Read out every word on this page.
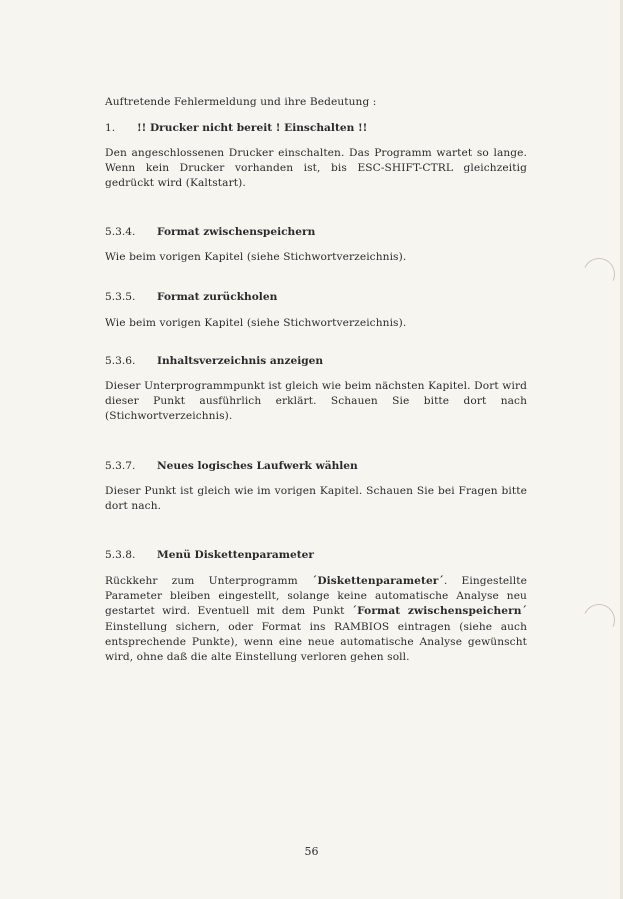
Auftretende Fehlermeldung und ihre Bedeutung :
1. !! Drucker nicht bereit ! Einschalten !!
Den angeschlossenen Drucker einschalten. Das Programm wartet so lange. Wenn kein Drucker vorhanden ist, bis ESC-SHIFT-CTRL gleichzeitig gedrückt wird (Kaltstart).
5.3.4. Format zwischenspeichern
Wie beim vorigen Kapitel (siehe Stichwortverzeichnis).
5.3.5. Format zurückholen
Wie beim vorigen Kapitel (siehe Stichwortverzeichnis).
5.3.6. Inhaltsverzeichnis anzeigen
Dieser Unterprogrammpunkt ist gleich wie beim nächsten Kapitel. Dort wird dieser Punkt ausführlich erklärt. Schauen Sie bitte dort nach (Stichwortverzeichnis).
5.3.7. Neues logisches Laufwerk wählen
Dieser Punkt ist gleich wie im vorigen Kapitel. Schauen Sie bei Fragen bitte dort nach.
5.3.8. Menü Diskettenparameter
Rückkehr zum Unterprogramm ´Diskettenparameter´. Eingestellte Parameter bleiben eingestellt, solange keine automatische Analyse neu gestartet wird. Eventuell mit dem Punkt ´Format zwischenspeichern´ Einstellung sichern, oder Format ins RAMBIOS eintragen (siehe auch entsprechende Punkte), wenn eine neue automatische Analyse gewünscht wird, ohne daß die alte Einstellung verloren gehen soll.
56
